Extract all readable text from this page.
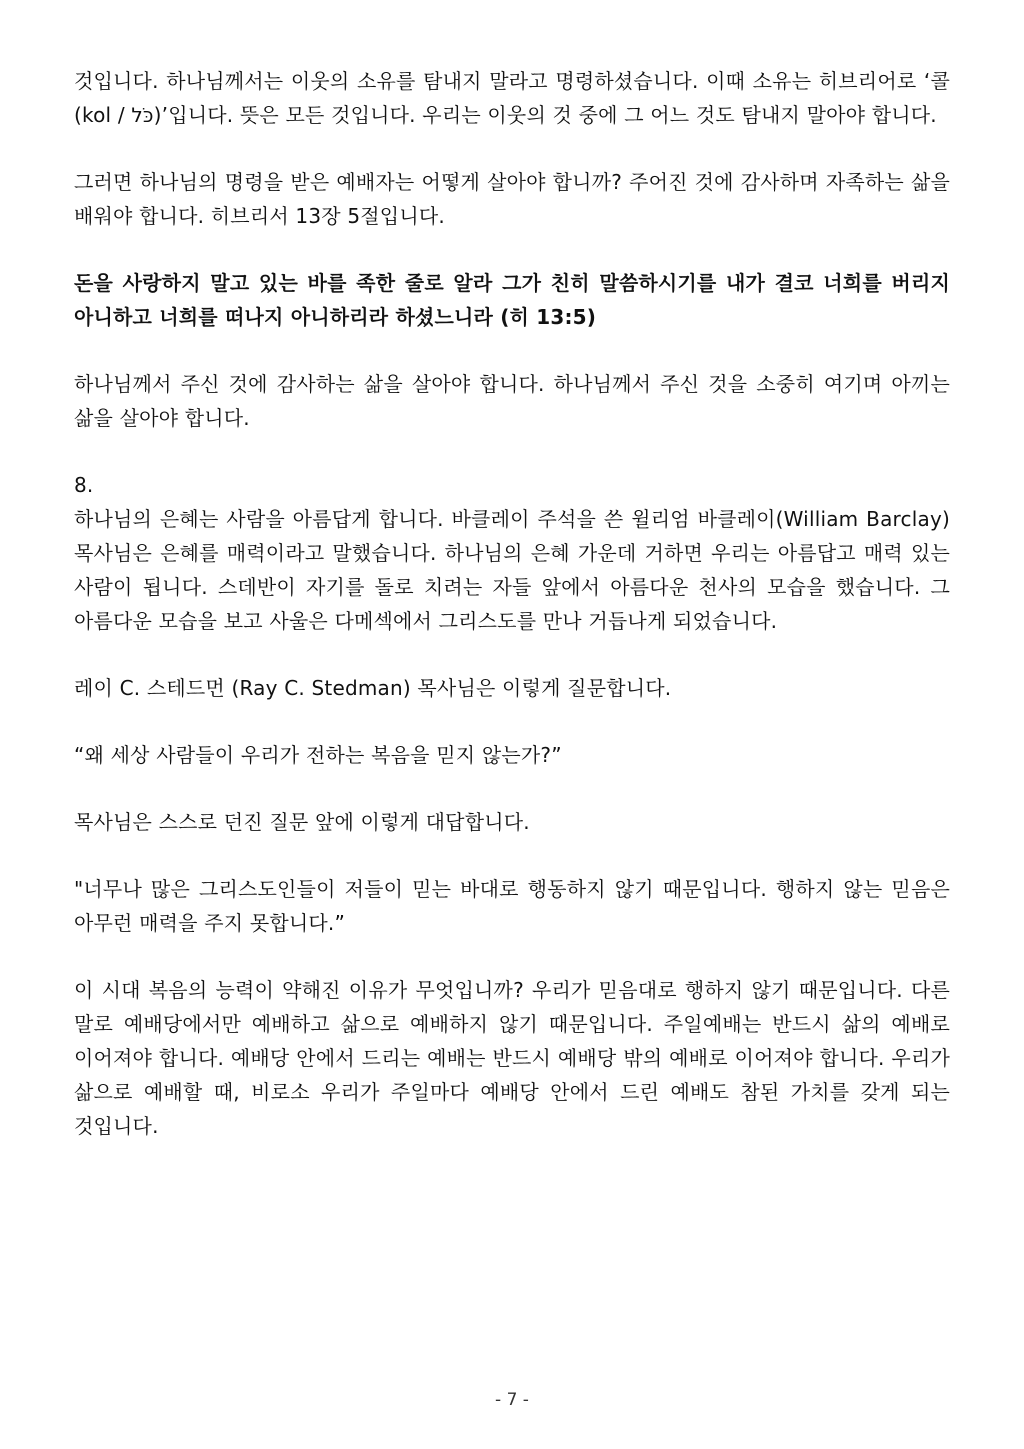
것입니다. 하나님께서는 이웃의 소유를 탐내지 말라고 명령하셨습니다. 이때 소유는 히브리어로 ‘콜(kol / כֹּל)’입니다. 뜻은 모든 것입니다. 우리는 이웃의 것 중에 그 어느 것도 탐내지 말아야 합니다.

그러면 하나님의 명령을 받은 예배자는 어떻게 살아야 합니까? 주어진 것에 감사하며 자족하는 삶을 배워야 합니다. 히브리서 13장 5절입니다.

돈을 사랑하지 말고 있는 바를 족한 줄로 알라 그가 친히 말씀하시기를 내가 결코 너희를 버리지 아니하고 너희를 떠나지 아니하리라 하셨느니라 (히 13:5)

하나님께서 주신 것에 감사하는 삶을 살아야 합니다. 하나님께서 주신 것을 소중히 여기며 아끼는 삶을 살아야 합니다.

8.

하나님의 은혜는 사람을 아름답게 합니다. 바클레이 주석을 쓴 윌리엄 바클레이(William Barclay)목사님은 은혜를 매력이라고 말했습니다. 하나님의 은혜 가운데 거하면 우리는 아름답고 매력 있는 사람이 됩니다. 스데반이 자기를 돌로 치려는 자들 앞에서 아름다운 천사의 모습을 했습니다. 그 아름다운 모습을 보고 사울은 다메섹에서 그리스도를 만나 거듭나게 되었습니다.

레이 C. 스테드먼 (Ray C. Stedman) 목사님은 이렇게 질문합니다.

“왜 세상 사람들이 우리가 전하는 복음을 믿지 않는가?”

목사님은 스스로 던진 질문 앞에 이렇게 대답합니다.

"너무나 많은 그리스도인들이 저들이 믿는 바대로 행동하지 않기 때문입니다. 행하지 않는 믿음은 아무런 매력을 주지 못합니다.”

이 시대 복음의 능력이 약해진 이유가 무엇입니까? 우리가 믿음대로 행하지 않기 때문입니다. 다른 말로 예배당에서만 예배하고 삶으로 예배하지 않기 때문입니다. 주일예배는 반드시 삶의 예배로 이어져야 합니다. 예배당 안에서 드리는 예배는 반드시 예배당 밖의 예배로 이어져야 합니다. 우리가 삶으로 예배할 때, 비로소 우리가 주일마다 예배당 안에서 드린 예배도 참된 가치를 갖게 되는 것입니다.

- 7 -
